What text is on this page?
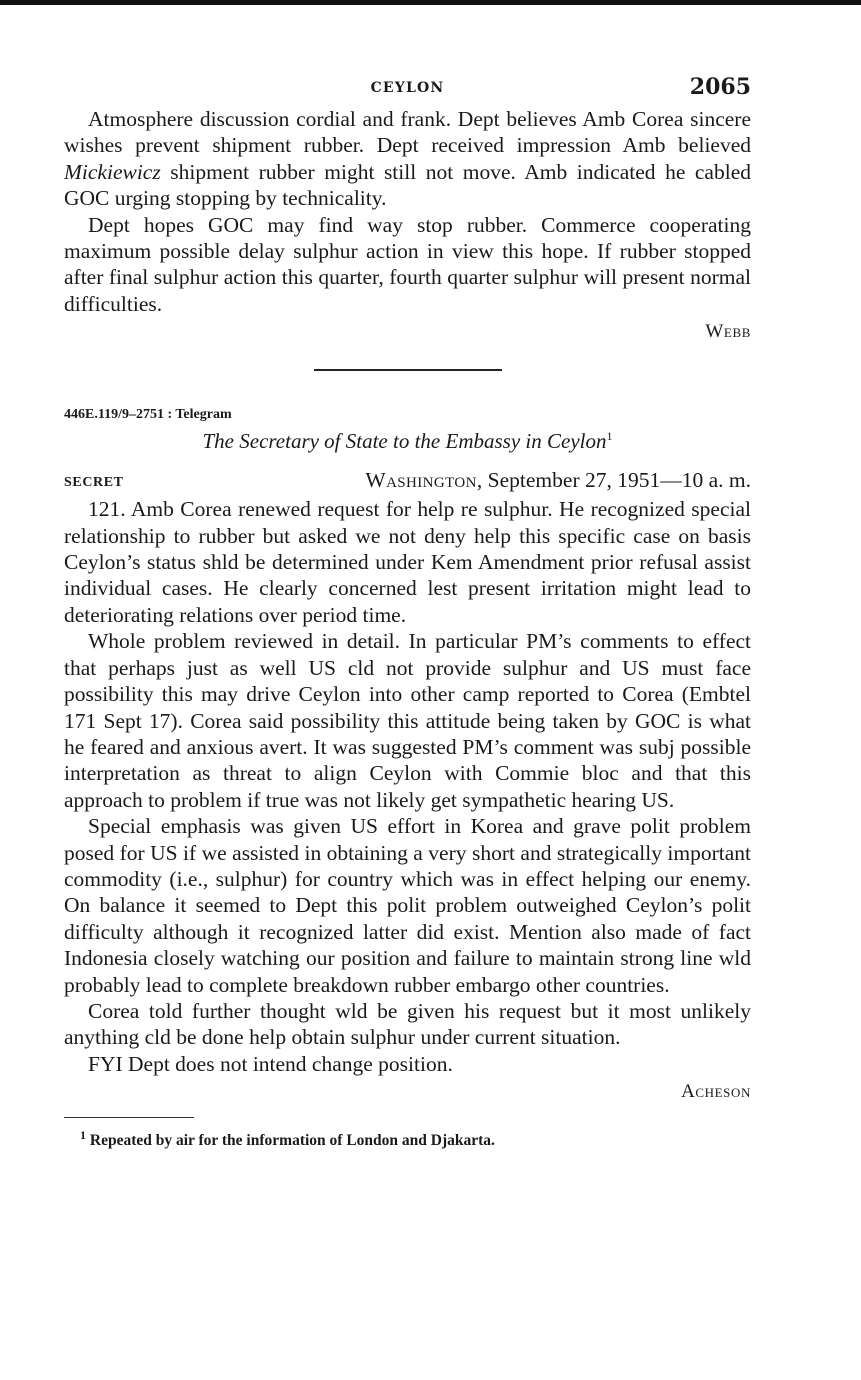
CEYLON	2065

Atmosphere discussion cordial and frank. Dept believes Amb Corea sincere wishes prevent shipment rubber. Dept received impression Amb believed Mickiewicz shipment rubber might still not move. Amb indicated he cabled GOC urging stopping by technicality.

Dept hopes GOC may find way stop rubber. Commerce cooperating maximum possible delay sulphur action in view this hope. If rubber stopped after final sulphur action this quarter, fourth quarter sulphur will present normal difficulties.

Webb
446E.119/9–2751 : Telegram
The Secretary of State to the Embassy in Ceylon$^1$
SECRET	Washington, September 27, 1951—10 a. m.

121. Amb Corea renewed request for help re sulphur. He recognized special relationship to rubber but asked we not deny help this specific case on basis Ceylon’s status shld be determined under Kem Amendment prior refusal assist individual cases. He clearly concerned lest present irritation might lead to deteriorating relations over period time.

Whole problem reviewed in detail. In particular PM’s comments to effect that perhaps just as well US cld not provide sulphur and US must face possibility this may drive Ceylon into other camp reported to Corea (Embtel 171 Sept 17). Corea said possibility this attitude being taken by GOC is what he feared and anxious avert. It was suggested PM’s comment was subj possible interpretation as threat to align Ceylon with Commie bloc and that this approach to problem if true was not likely get sympathetic hearing US.

Special emphasis was given US effort in Korea and grave polit problem posed for US if we assisted in obtaining a very short and strategically important commodity (i.e., sulphur) for country which was in effect helping our enemy. On balance it seemed to Dept this polit problem outweighed Ceylon’s polit difficulty although it recognized latter did exist. Mention also made of fact Indonesia closely watching our position and failure to maintain strong line wld probably lead to complete breakdown rubber embargo other countries.

Corea told further thought wld be given his request but it most unlikely anything cld be done help obtain sulphur under current situation.

FYI Dept does not intend change position.

Acheson
$^1$ Repeated by air for the information of London and Djakarta.
